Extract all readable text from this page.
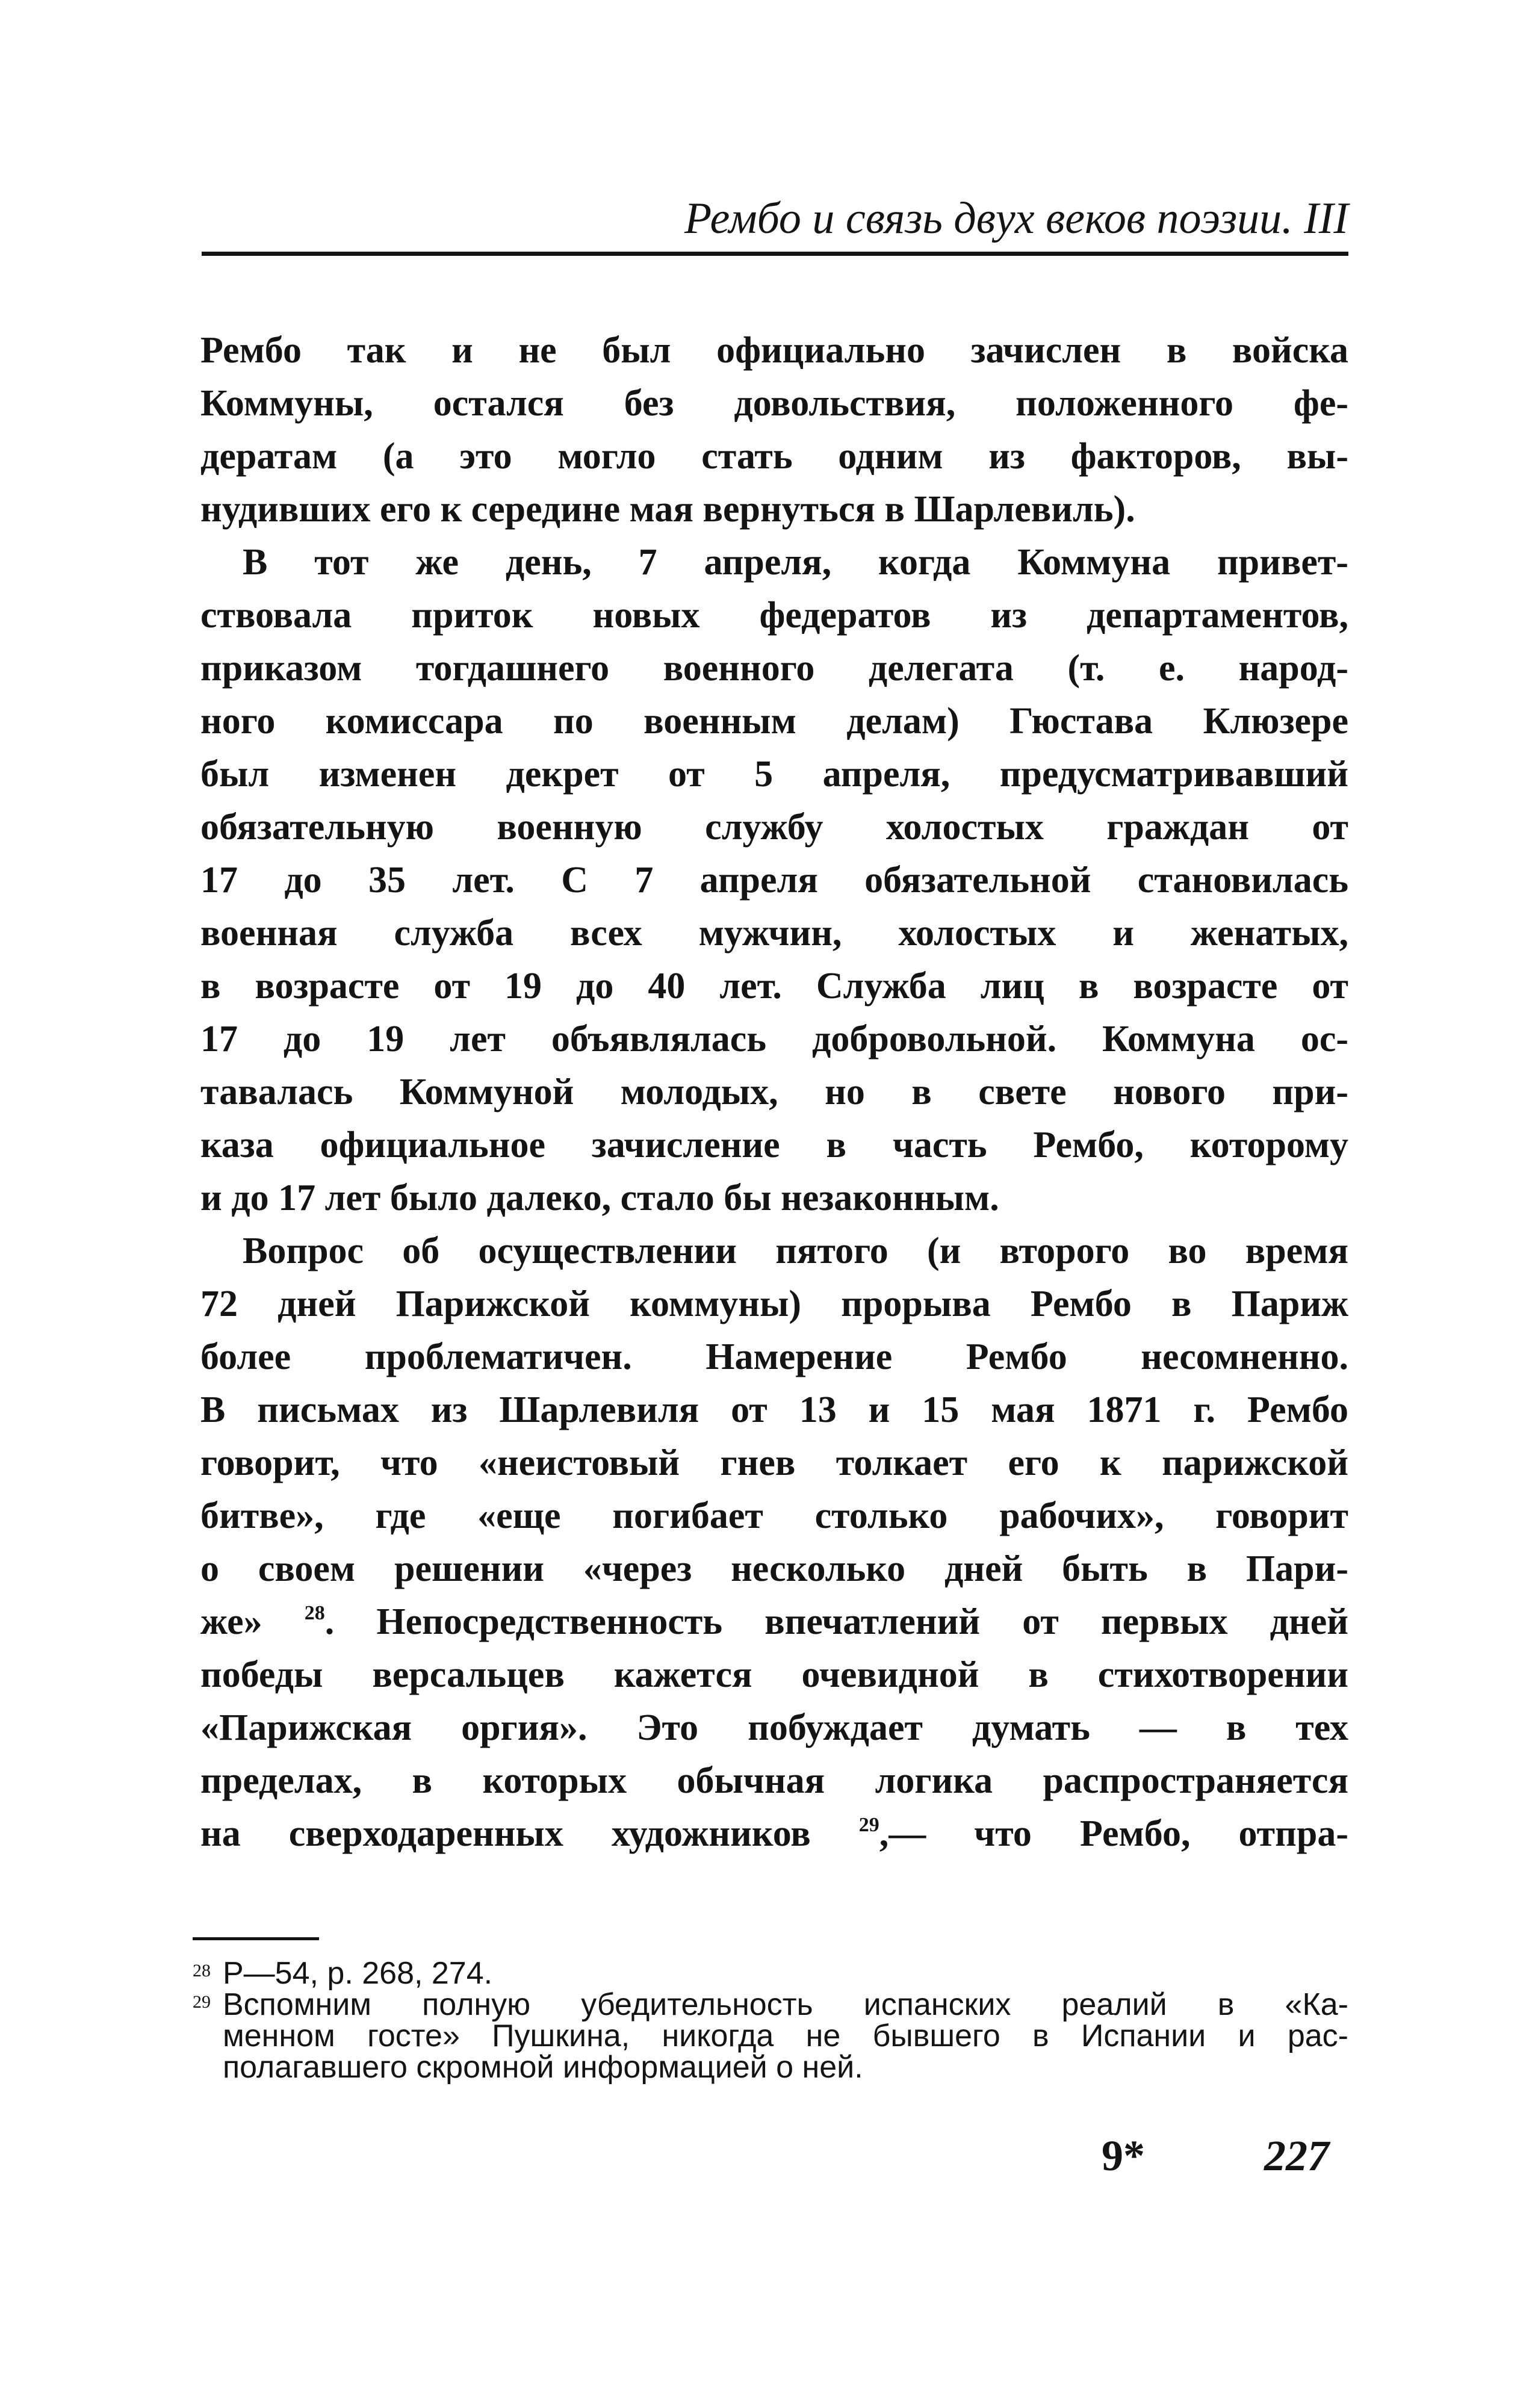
Рембо и связь двух веков поэзии. III
Рембо так и не был официально зачислен в войска
Коммуны, остался без довольствия, положенного фе-
дератам (а это могло стать одним из факторов, вы-
нудивших его к середине мая вернуться в Шарлевиль).
В тот же день, 7 апреля, когда Коммуна привет-
ствовала приток новых федератов из департаментов,
приказом тогдашнего военного делегата (т. е. народ-
ного комиссара по военным делам) Гюстава Клюзере
был изменен декрет от 5 апреля, предусматривавший
обязательную военную службу холостых граждан от
17 до 35 лет. С 7 апреля обязательной становилась
военная служба всех мужчин, холостых и женатых,
в возрасте от 19 до 40 лет. Служба лиц в возрасте от
17 до 19 лет объявлялась добровольной. Коммуна ос-
тавалась Коммуной молодых, но в свете нового при-
каза официальное зачисление в часть Рембо, которому
и до 17 лет было далеко, стало бы незаконным.
Вопрос об осуществлении пятого (и второго во время
72 дней Парижской коммуны) прорыва Рембо в Париж
более проблематичен. Намерение Рембо несомненно.
В письмах из Шарлевиля от 13 и 15 мая 1871 г. Рембо
говорит, что «неистовый гнев толкает его к парижской
битве», где «еще погибает столько рабочих», говорит
о своем решении «через несколько дней быть в Пари-
же» $^{28}$. Непосредственность впечатлений от первых дней
победы версальцев кажется очевидной в стихотворении
«Парижская оргия». Это побуждает думать — в тех
пределах, в которых обычная логика распространяется
на сверходаренных художников $^{29}$,— что Рембо, отпра-
28 Р—54, р. 268, 274.
29 Вспомним полную убедительность испанских реалий в «Ка-
менном госте» Пушкина, никогда не бывшего в Испании и рас-
полагавшего скромной информацией о ней.
9*	227
